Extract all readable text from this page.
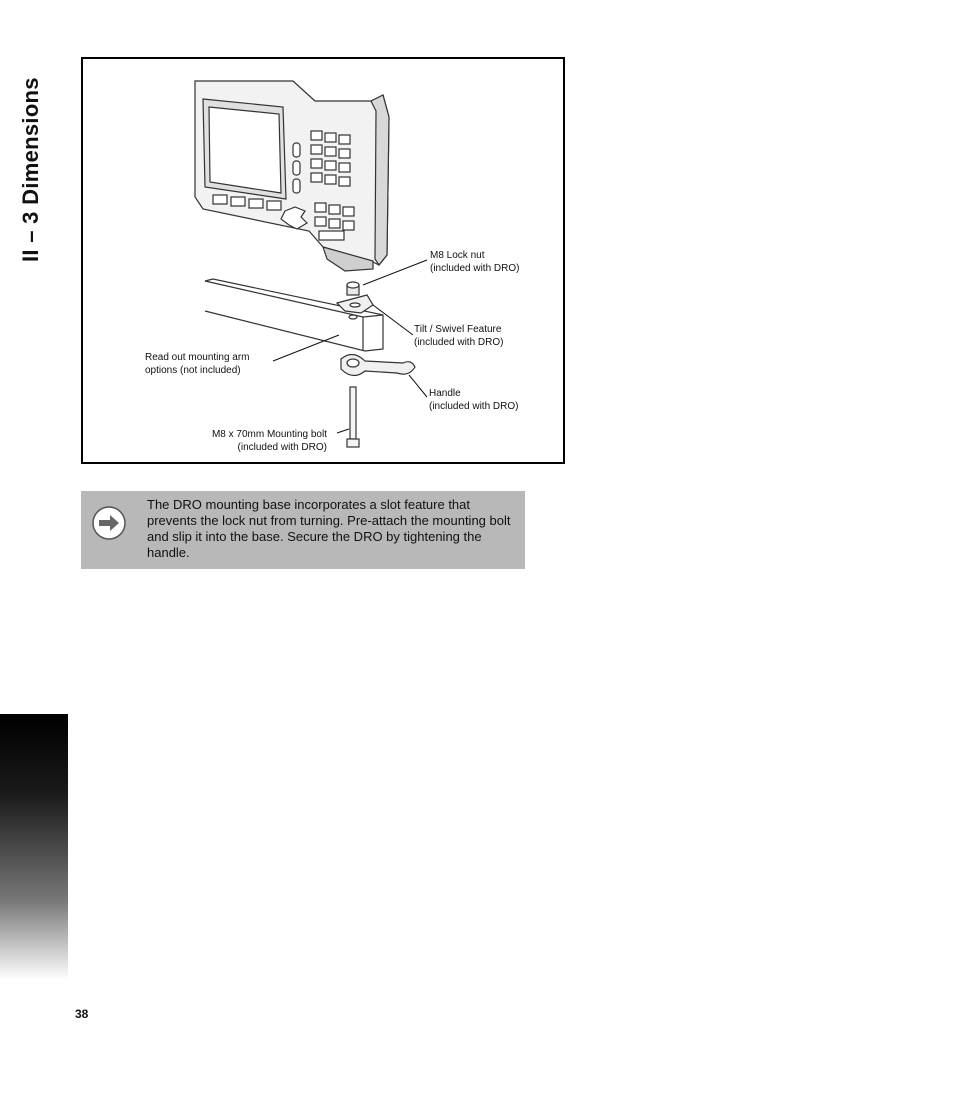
II – 3 Dimensions	M8 Lock nut
(included with DRO)
Tilt / Swivel Feature
(included with DRO)
Read out mounting arm
options (not included)
Handle
(included with DRO)
M8 x 70mm Mounting bolt
(included with DRO)
The DRO mounting base incorporates a slot feature that prevents the lock nut from turning. Pre-attach the mounting bolt and slip it into the base. Secure the DRO by tightening the handle.
38
